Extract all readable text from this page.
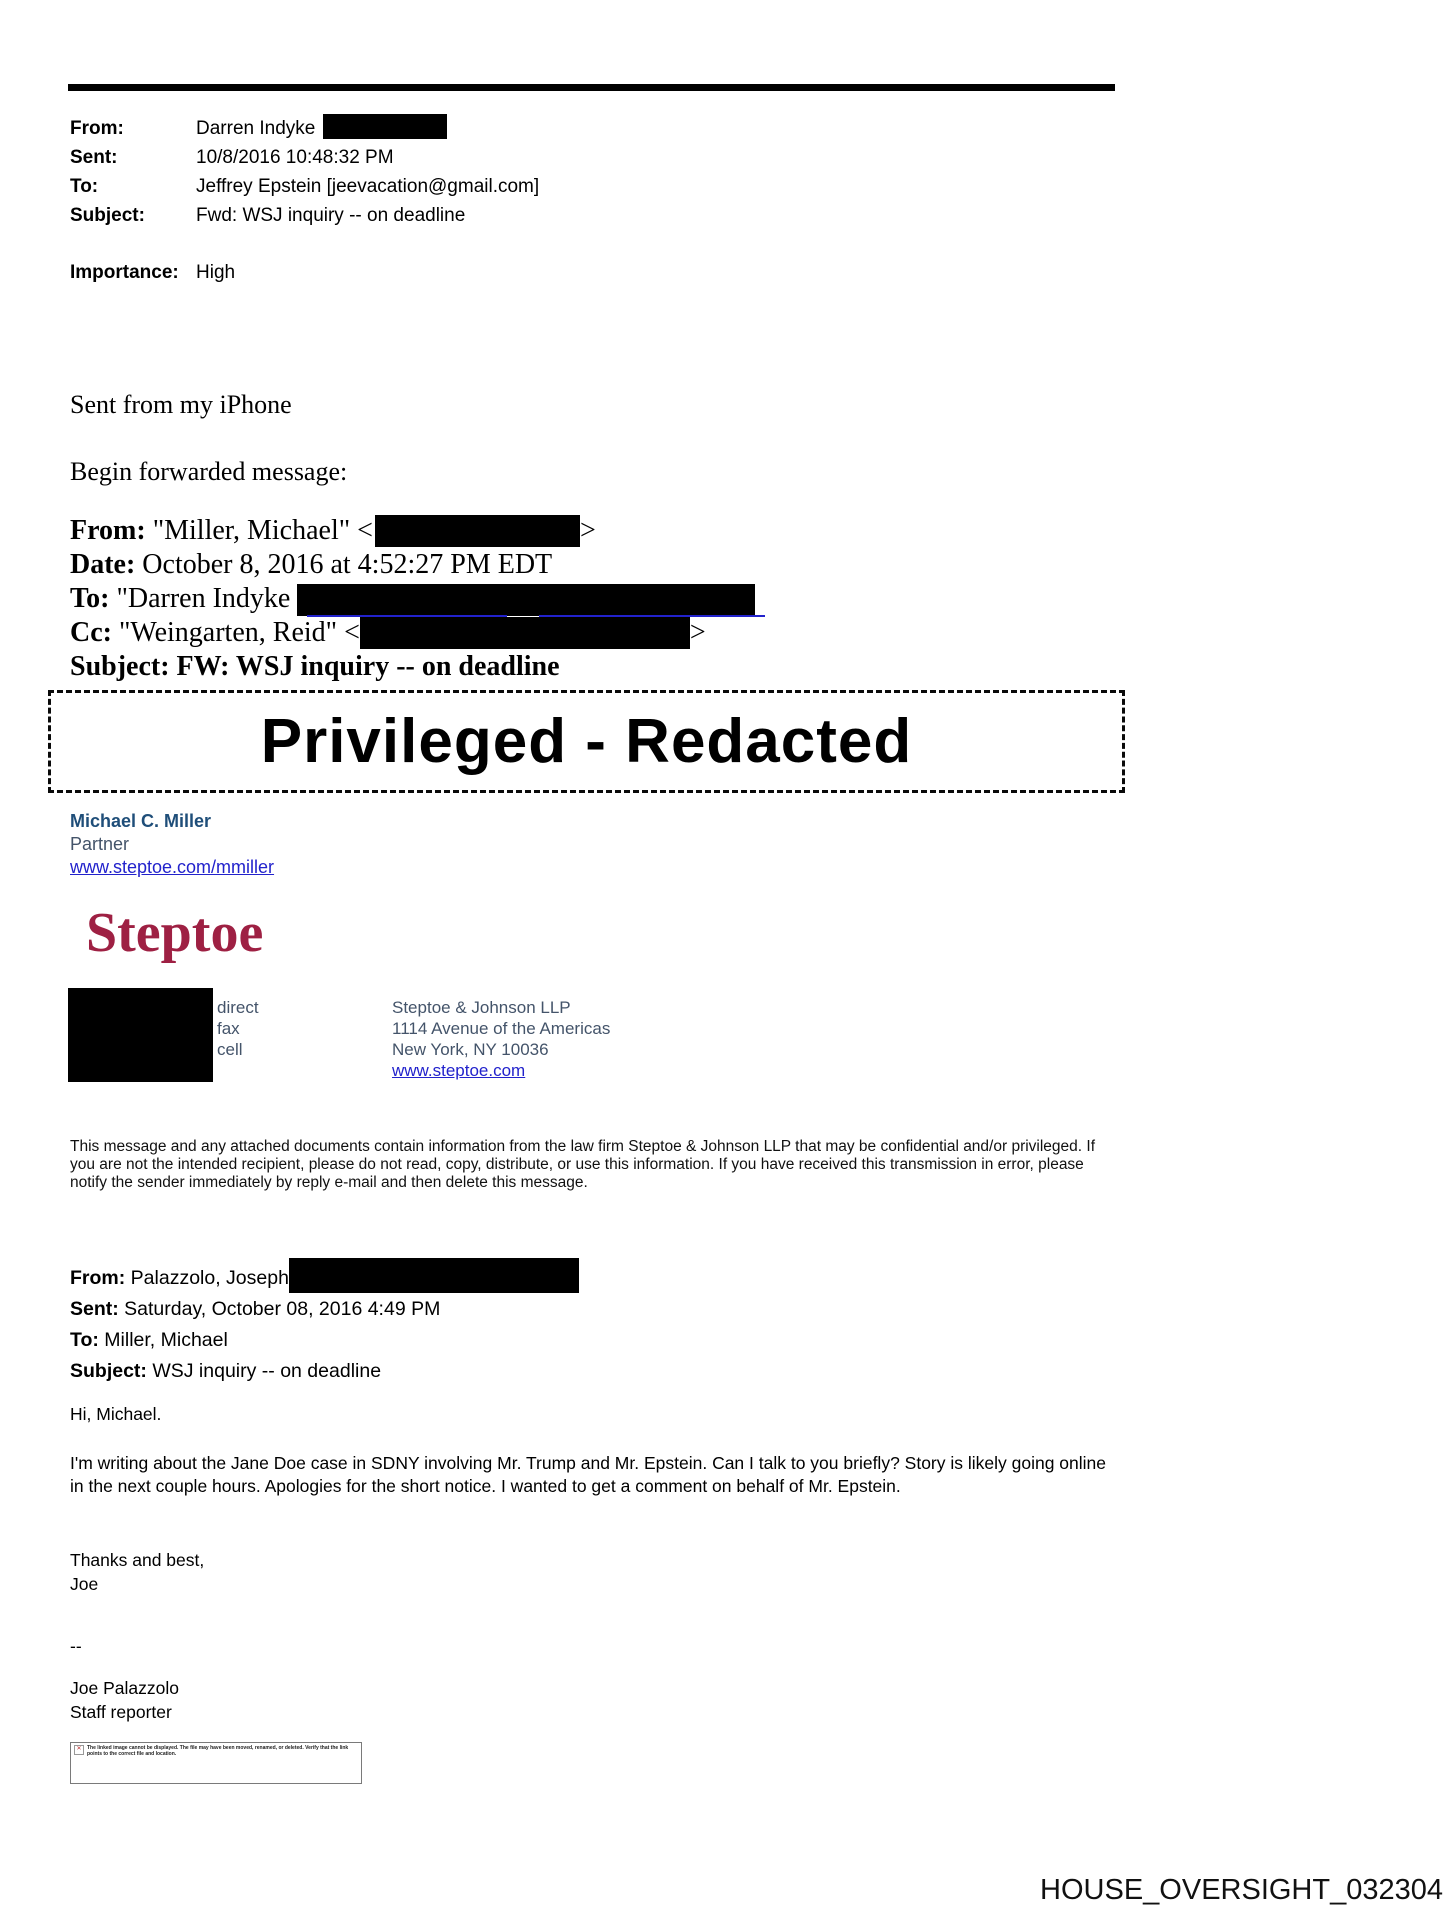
From:	Darren Indyke
Sent:	10/8/2016 10:48:32 PM
To:	Jeffrey Epstein [jeevacation@gmail.com]
Subject:	Fwd: WSJ inquiry -- on deadline
Importance: High
Sent from my iPhone
Begin forwarded message:
From: "Miller, Michael" <	>
Date: October 8, 2016 at 4:52:27 PM EDT
To: "Darren Indyke
Cc: "Weingarten, Reid" <	>
Subject: FW: WSJ inquiry -- on deadline
Privileged - Redacted
Michael C. Miller
Partner
www.steptoe.com/mmiller
Steptoe
direct
fax
cell
Steptoe & Johnson LLP
1114 Avenue of the Americas
New York, NY 10036
www.steptoe.com
This message and any attached documents contain information from the law firm Steptoe & Johnson LLP that may be confidential and/or privileged. If you are not the intended recipient, please do not read, copy, distribute, or use this information. If you have received this transmission in error, please notify the sender immediately by reply e-mail and then delete this message.
From: Palazzolo, Joseph
Sent: Saturday, October 08, 2016 4:49 PM
To: Miller, Michael
Subject: WSJ inquiry -- on deadline
Hi, Michael.
I'm writing about the Jane Doe case in SDNY involving Mr. Trump and Mr. Epstein. Can I talk to you briefly? Story is likely going online in the next couple hours. Apologies for the short notice. I wanted to get a comment on behalf of Mr. Epstein.
Thanks and best,
Joe
--
Joe Palazzolo
Staff reporter
✕	The linked image cannot be displayed. The file may have been moved, renamed, or deleted. Verify that the link points to the correct file and location.
HOUSE_OVERSIGHT_032304
